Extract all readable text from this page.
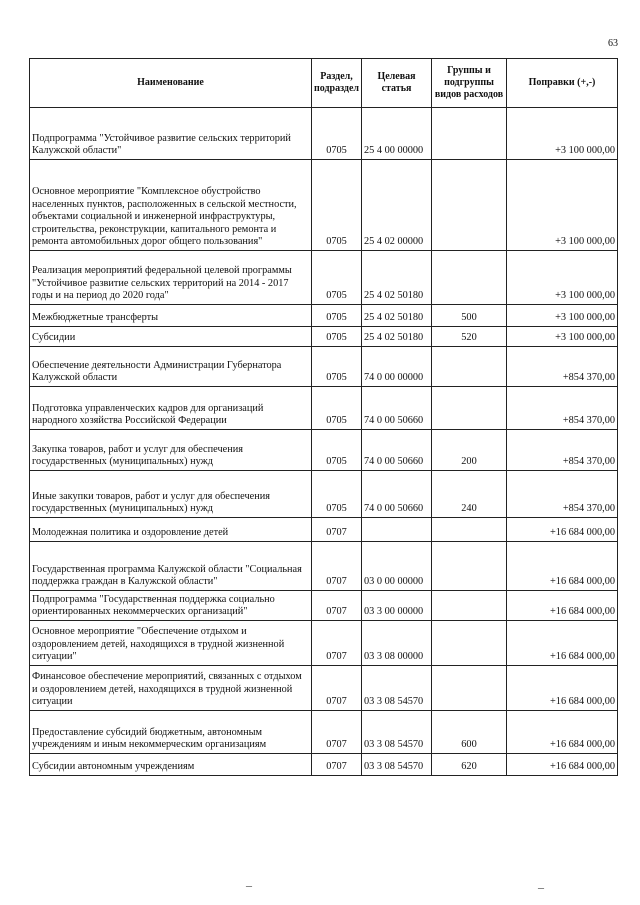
63
Наименование	Раздел, подраздел	Целевая статья	Группы и подгруппы видов расходов	Поправки (+,-)
Подпрограмма "Устойчивое развитие сельских территорий Калужской области"	0705	25 4 00 00000		+3 100 000,00
Основное мероприятие "Комплексное обустройство населенных пунктов, расположенных в сельской местности, объектами социальной и инженерной инфраструктуры, строительства, реконструкции, капитального ремонта и ремонта автомобильных дорог общего пользования"	0705	25 4 02 00000		+3 100 000,00
Реализация мероприятий федеральной целевой программы "Устойчивое развитие сельских территорий на 2014 - 2017 годы и на период до 2020 года"	0705	25 4 02 50180		+3 100 000,00
Межбюджетные трансферты	0705	25 4 02 50180	500	+3 100 000,00
Субсидии	0705	25 4 02 50180	520	+3 100 000,00
Обеспечение деятельности Администрации Губернатора Калужской области	0705	74 0 00 00000		+854 370,00
Подготовка управленческих кадров для организаций народного хозяйства Российской Федерации	0705	74 0 00 50660		+854 370,00
Закупка товаров, работ и услуг для обеспечения государственных (муниципальных) нужд	0705	74 0 00 50660	200	+854 370,00
Иные закупки товаров, работ и услуг для обеспечения государственных (муниципальных) нужд	0705	74 0 00 50660	240	+854 370,00
Молодежная политика и оздоровление детей	0707			+16 684 000,00
Государственная программа Калужской области "Социальная поддержка граждан в Калужской области"	0707	03 0 00 00000		+16 684 000,00
Подпрограмма "Государственная поддержка социально ориентированных некоммерческих организаций"	0707	03 3 00 00000		+16 684 000,00
Основное мероприятие "Обеспечение отдыхом и оздоровлением детей, находящихся в трудной жизненной ситуации"	0707	03 3 08 00000		+16 684 000,00
Финансовое обеспечение мероприятий, связанных с отдыхом и оздоровлением детей, находящихся в трудной жизненной ситуации	0707	03 3 08 54570		+16 684 000,00
Предоставление субсидий бюджетным, автономным учреждениям и иным некоммерческим организациям	0707	03 3 08 54570	600	+16 684 000,00
Субсидии автономным учреждениям	0707	03 3 08 54570	620	+16 684 000,00
–	–
